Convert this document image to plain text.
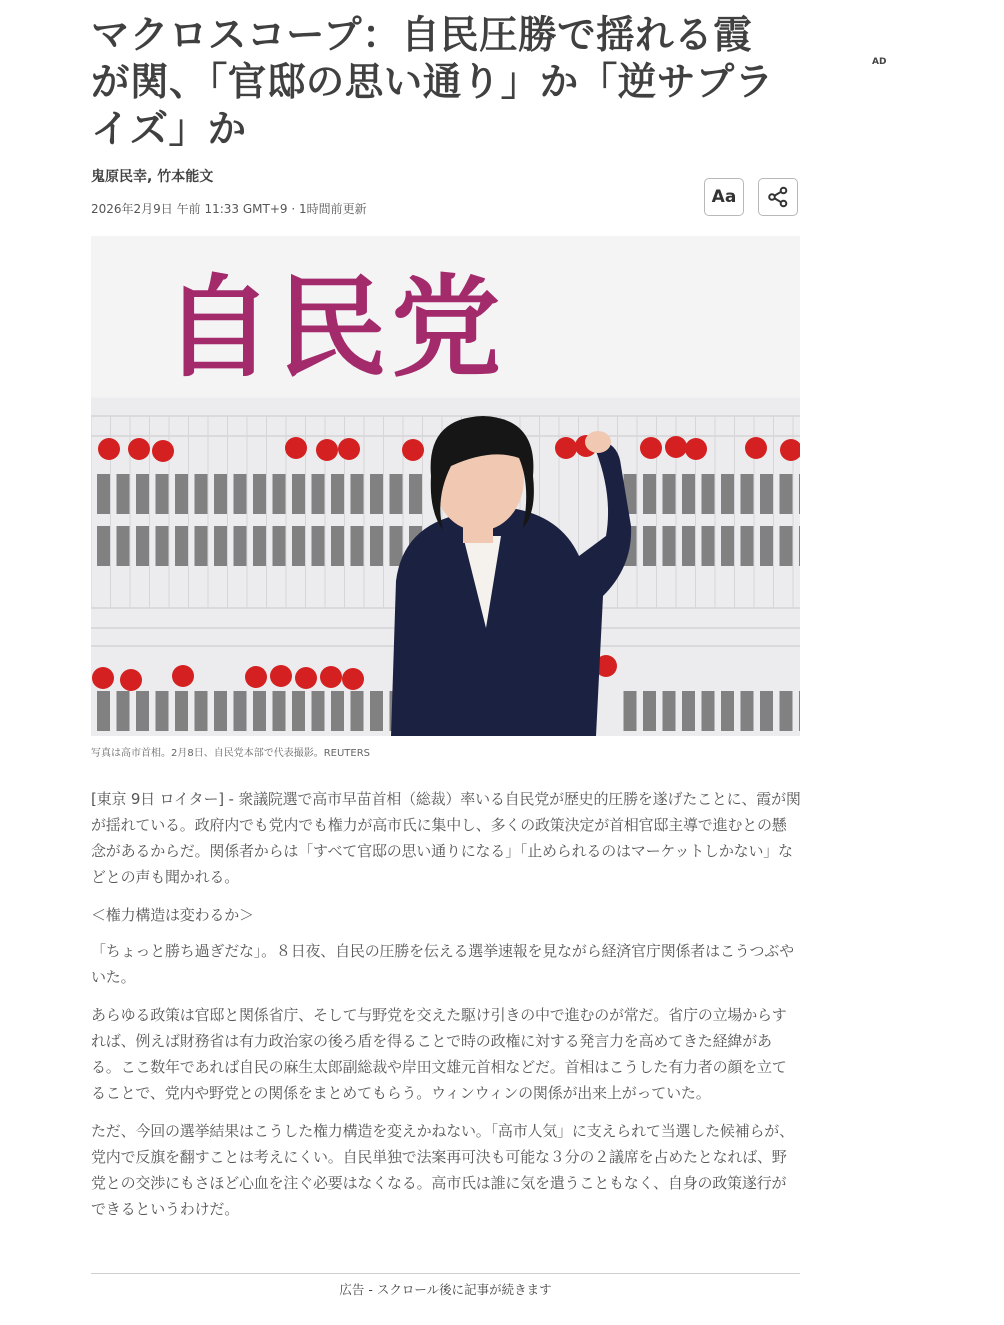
AD
マクロスコープ：自民圧勝で揺れる霞が関、「官邸の思い通り」か「逆サプライズ」か
鬼原民幸, 竹本能文
2026年2月9日 午前 11:33 GMT+9 · 1時間前更新
Aa
自民党
写真は高市首相。2月8日、自民党本部で代表撮影。REUTERS

[東京 9日 ロイター] - 衆議院選で高市早苗首相（総裁）率いる自民党が歴史的圧勝を遂げたことに、霞が関が揺れている。政府内でも党内でも権力が高市氏に集中し、多くの政策決定が首相官邸主導で進むとの懸念があるからだ。関係者からは「すべて官邸の思い通りになる」「止められるのはマーケットしかない」などとの声も聞かれる。

＜権力構造は変わるか＞

「ちょっと勝ち過ぎだな」。８日夜、自民の圧勝を伝える選挙速報を見ながら経済官庁関係者はこうつぶやいた。

あらゆる政策は官邸と関係省庁、そして与野党を交えた駆け引きの中で進むのが常だ。省庁の立場からすれば、例えば財務省は有力政治家の後ろ盾を得ることで時の政権に対する発言力を高めてきた経緯がある。ここ数年であれば自民の麻生太郎副総裁や岸田文雄元首相などだ。首相はこうした有力者の顔を立てることで、党内や野党との関係をまとめてもらう。ウィンウィンの関係が出来上がっていた。

ただ、今回の選挙結果はこうした権力構造を変えかねない。「高市人気」に支えられて当選した候補らが、党内で反旗を翻すことは考えにくい。自民単独で法案再可決も可能な３分の２議席を占めたとなれば、野党との交渉にもさほど心血を注ぐ必要はなくなる。高市氏は誰に気を遣うこともなく、自身の政策遂行ができるというわけだ。

広告 - スクロール後に記事が続きます
